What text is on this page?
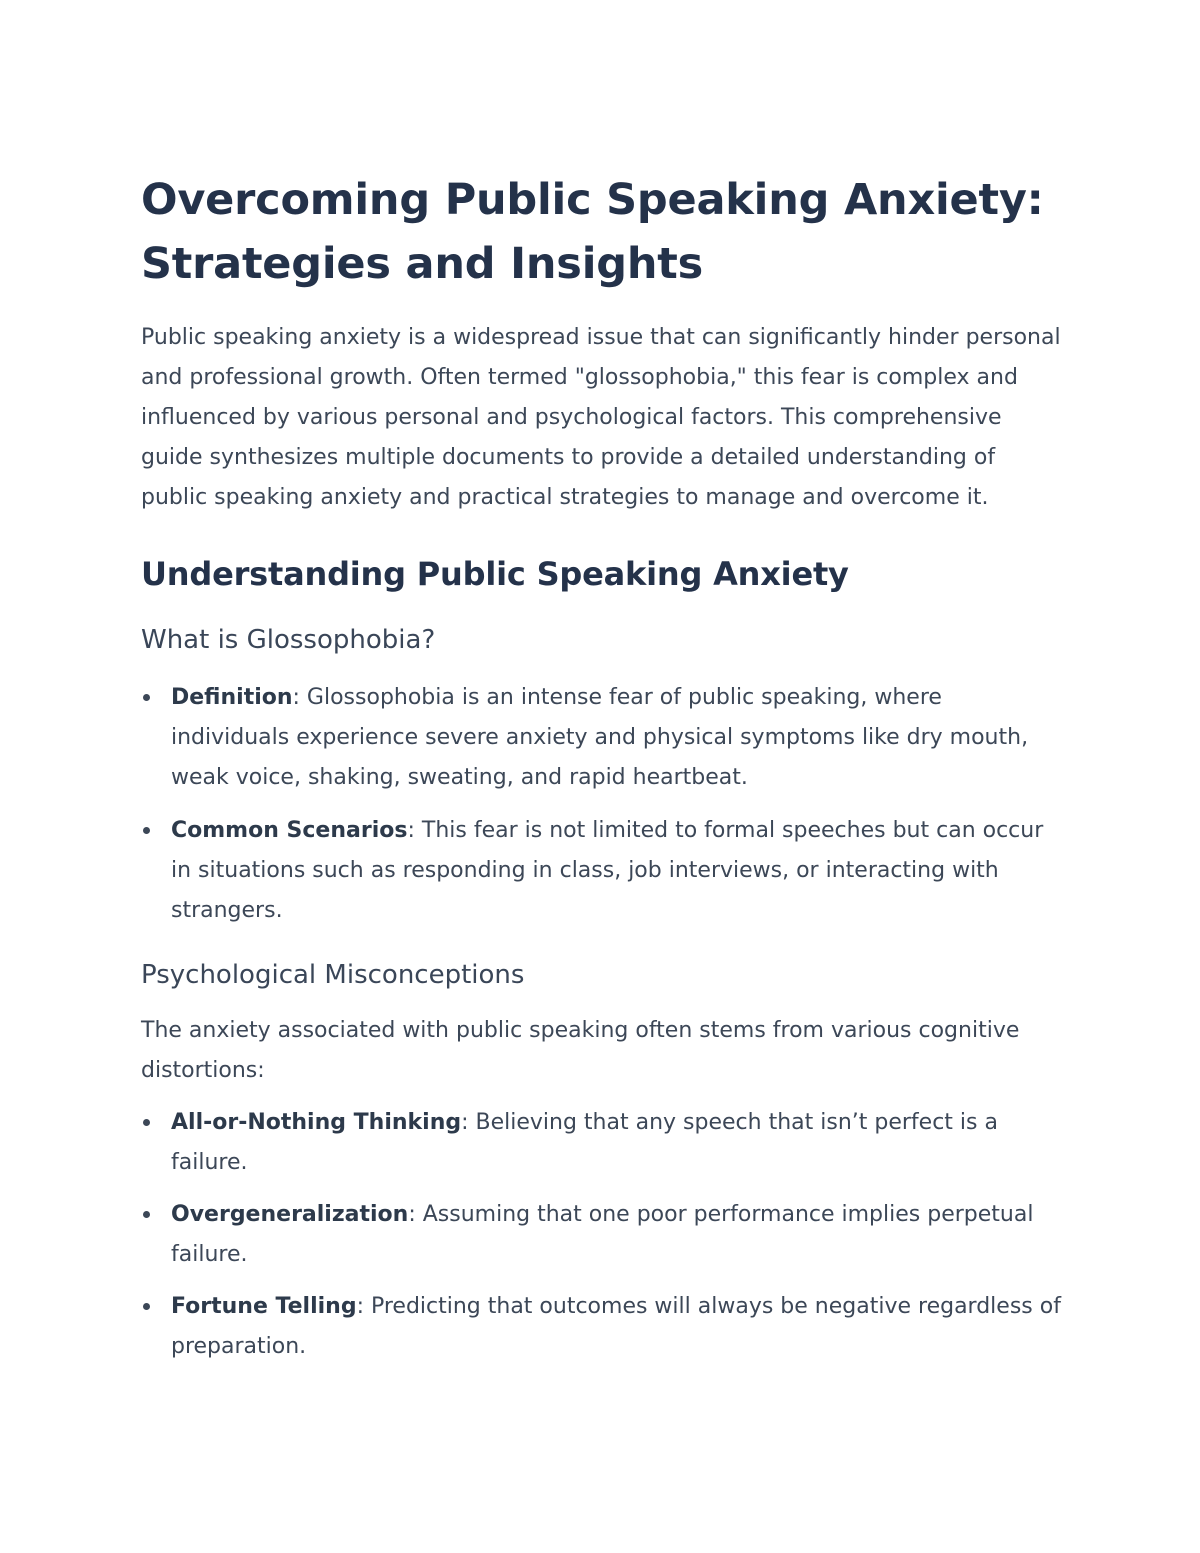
Overcoming Public Speaking Anxiety: Strategies and Insights

Public speaking anxiety is a widespread issue that can significantly hinder personal and professional growth. Often termed "glossophobia," this fear is complex and influenced by various personal and psychological factors. This comprehensive guide synthesizes multiple documents to provide a detailed understanding of public speaking anxiety and practical strategies to manage and overcome it.

Understanding Public Speaking Anxiety
What is Glossophobia?
Definition: Glossophobia is an intense fear of public speaking, where individuals experience severe anxiety and physical symptoms like dry mouth, weak voice, shaking, sweating, and rapid heartbeat.
Common Scenarios: This fear is not limited to formal speeches but can occur in situations such as responding in class, job interviews, or interacting with strangers.
Psychological Misconceptions

The anxiety associated with public speaking often stems from various cognitive distortions:

All-or-Nothing Thinking: Believing that any speech that isn’t perfect is a failure.
Overgeneralization: Assuming that one poor performance implies perpetual failure.
Fortune Telling: Predicting that outcomes will always be negative regardless of preparation.
